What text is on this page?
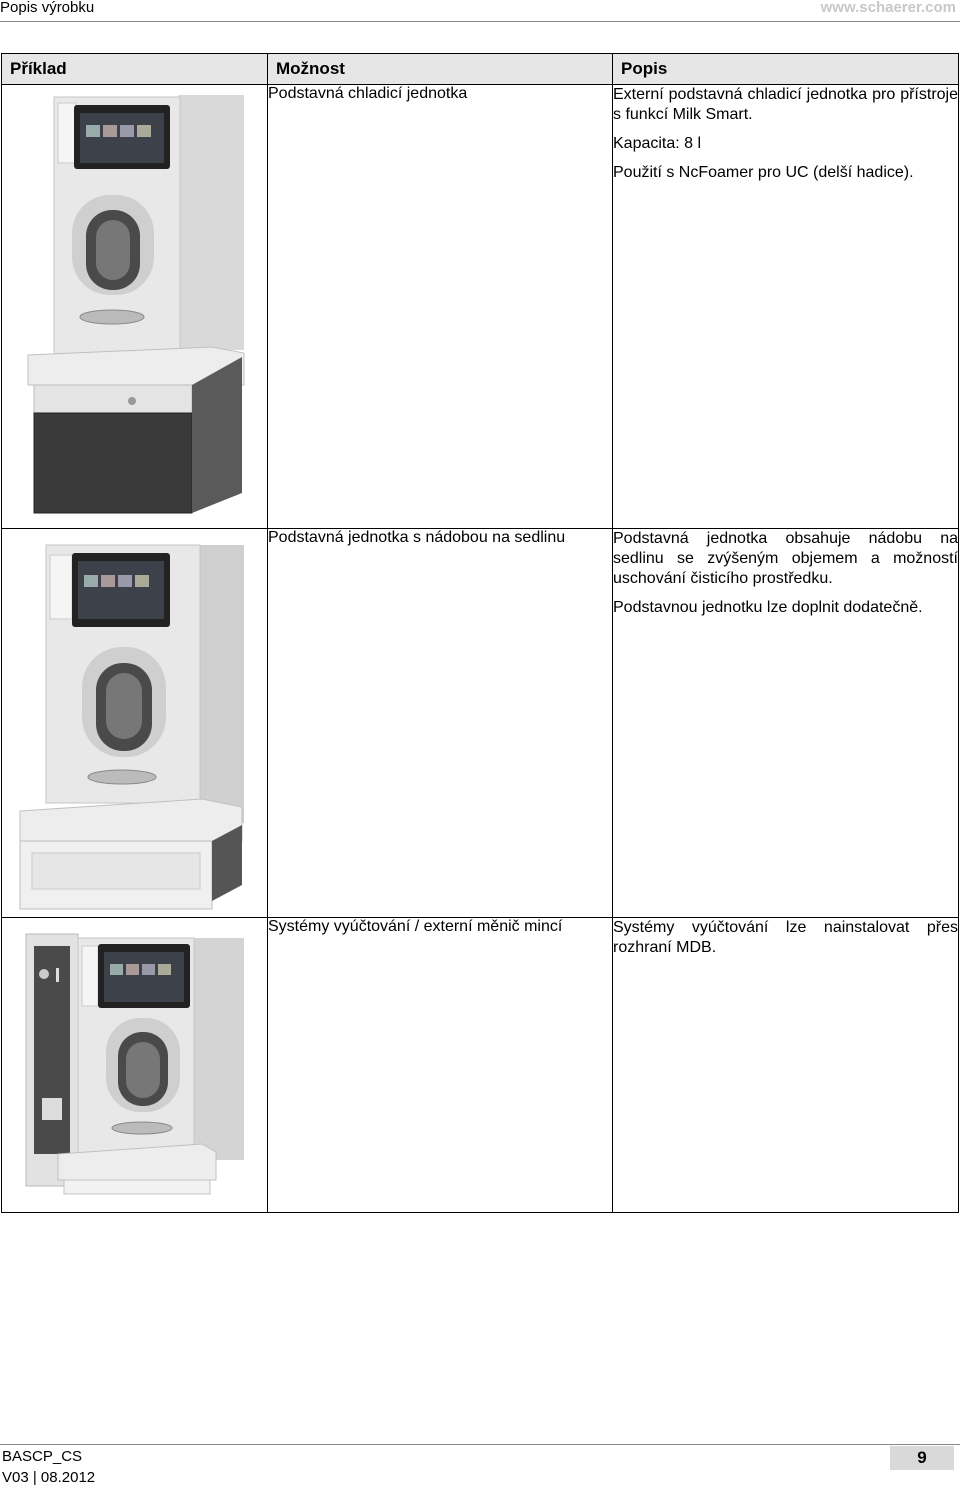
Popis výrobku	www.schaerer.com
Příklad	Možnost	Popis

	Podstavná chladicí jednotka	Externí podstavná chladicí jednotka pro přístroje s funkcí Milk Smart.

Kapacita: 8 l

Použití s NcFoamer pro UC (delší hadice).

	Podstavná jednotka s nádobou na sedlinu	Podstavná jednotka obsahuje nádobu na sedlinu se zvýšeným objemem a možností uschování čisticího prostředku.

Podstavnou jednotku lze doplnit dodatečně.

	Systémy vyúčtování / externí měnič mincí	Systémy vyúčtování lze nainstalovat přes rozhraní MDB.

BASCP_CS
V03 | 08.2012
9
